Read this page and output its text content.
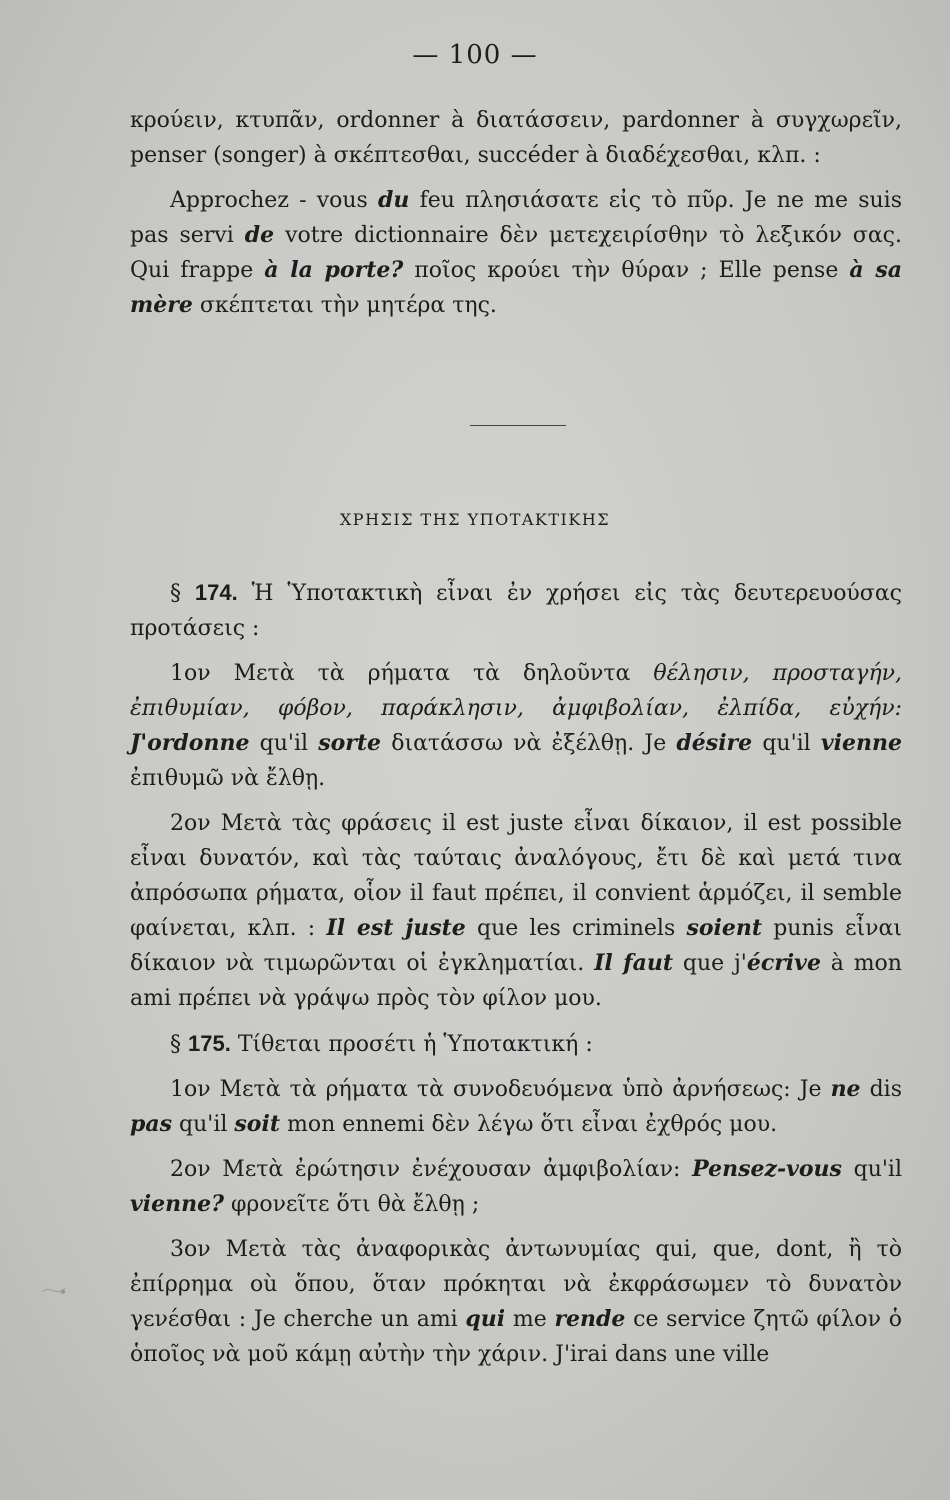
— 100 —

κρούειν, κτυπᾶν, ordonner à διατάσσειν, pardonner à συγχωρεῖν, penser (songer) à σκέπτεσθαι, succéder à διαδέχεσθαι, κλπ. :

Approchez - vous du feu πλησιάσατε εἰς τὸ πῦρ. Je ne me suis pas servi de votre dictionnaire δὲν μετεχειρίσθην τὸ λεξικόν σας. Qui frappe à la porte? ποῖος κρούει τὴν θύραν ; Elle pense à sa mère σκέπτεται τὴν μητέρα της.

ΧΡΗΣΙΣ ΤΗΣ ΥΠΟΤΑΚΤΙΚΗΣ

§ 174. Ἡ Ὑποτακτικὴ εἶναι ἐν χρήσει εἰς τὰς δευτερευούσας προτάσεις :

1ον Μετὰ τὰ ρήματα τὰ δηλοῦντα θέλησιν, προσταγήν, ἐπιθυμίαν, φόβον, παράκλησιν, ἀμφιβολίαν, ἐλπίδα, εὐχήν: J'ordonne qu'il sorte διατάσσω νὰ ἐξέλθῃ. Je désire qu'il vienne ἐπιθυμῶ νὰ ἔλθῃ.

2ον Μετὰ τὰς φράσεις il est juste εἶναι δίκαιον, il est possible εἶναι δυνατόν, καὶ τὰς ταύταις ἀναλόγους, ἔτι δὲ καὶ μετά τινα ἀπρόσωπα ρήματα, οἷον il faut πρέπει, il convient ἁρμόζει, il semble φαίνεται, κλπ. : Il est juste que les criminels soient punis εἶναι δίκαιον νὰ τιμωρῶνται οἱ ἐγκληματίαι. Il faut que j'écrive à mon ami πρέπει νὰ γράψω πρὸς τὸν φίλον μου.

§ 175. Τίθεται προσέτι ἡ Ὑποτακτική :

1ον Μετὰ τὰ ρήματα τὰ συνοδευόμενα ὑπὸ ἀρνήσεως: Je ne dis pas qu'il soit mon ennemi δὲν λέγω ὅτι εἶναι ἐχθρός μου.

2ον Μετὰ ἐρώτησιν ἐνέχουσαν ἀμφιβολίαν: Pensez-vous qu'il vienne? φρονεῖτε ὅτι θὰ ἔλθῃ ;

3ον Μετὰ τὰς ἀναφορικὰς ἀντωνυμίας qui, que, dont, ἢ τὸ ἐπίρρημα où ὅπου, ὅταν πρόκηται νὰ ἐκφράσωμεν τὸ δυνατὸν γενέσθαι : Je cherche un ami qui me rende ce service ζητῶ φίλον ὁ ὁποῖος νὰ μοῦ κάμῃ αὐτὴν τὴν χάριν. J'irai dans une ville
